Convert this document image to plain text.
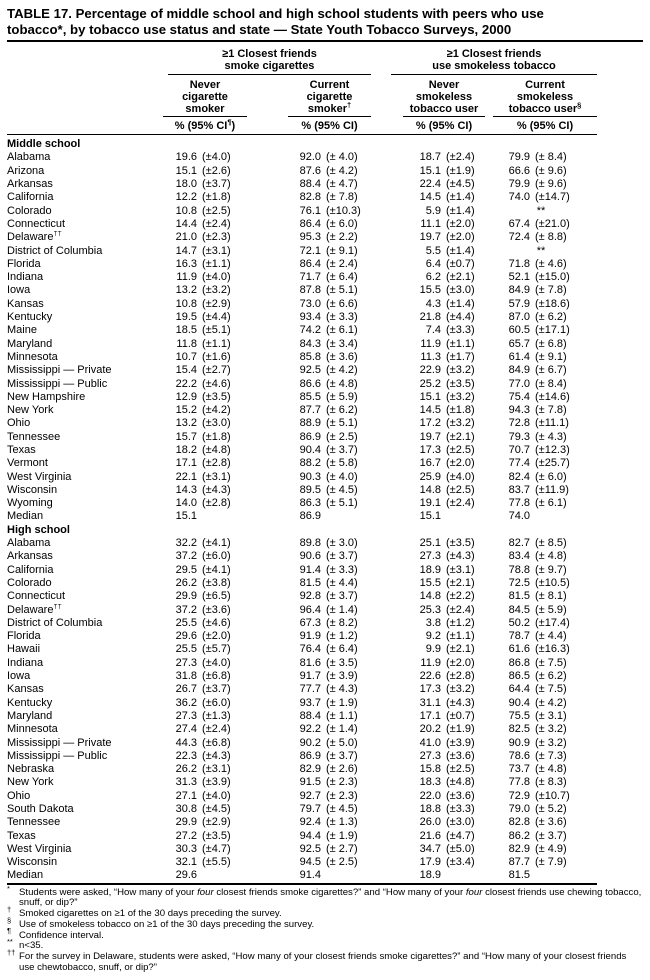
TABLE 17. Percentage of middle school and high school students with peers who use
tobacco*, by tobacco use status and state — State Youth Tobacco Surveys, 2000

≥1 Closest friends
smoke cigarettes

≥1 Closest friends
use smokeless tobacco

Never
cigarette
smoker

Current
cigarette
smoker†

Never
smokeless
tobacco user

Current
smokeless
tobacco user§

	% (95% CI¶)		% (95% CI)		% (95% CI)		% (95% CI)	

Middle school								
Alabama	19.6	(±4.0)	92.0	(± 4.0)	18.7	(±2.4)	79.9	(± 8.4)
Arizona	15.1	(±2.6)	87.6	(± 4.2)	15.1	(±1.9)	66.6	(± 9.6)
Arkansas	18.0	(±3.7)	88.4	(± 4.7)	22.4	(±4.5)	79.9	(± 9.6)
California	12.2	(±1.8)	82.8	(± 7.8)	14.5	(±1.4)	74.0	(±14.7)
Colorado	10.8	(±2.5)	76.1	(±10.3)	5.9	(±1.4)	**	
Connecticut	14.4	(±2.4)	86.4	(± 6.0)	11.1	(±2.0)	67.4	(±21.0)
Delaware††	21.0	(±2.3)	95.3	(± 2.2)	19.7	(±2.0)	72.4	(± 8.8)
District of Columbia	14.7	(±3.1)	72.1	(± 9.1)	5.5	(±1.4)	**	
Florida	16.3	(±1.1)	86.4	(± 2.4)	6.4	(±0.7)	71.8	(± 4.6)
Indiana	11.9	(±4.0)	71.7	(± 6.4)	6.2	(±2.1)	52.1	(±15.0)
Iowa	13.2	(±3.2)	87.8	(± 5.1)	15.5	(±3.0)	84.9	(± 7.8)
Kansas	10.8	(±2.9)	73.0	(± 6.6)	4.3	(±1.4)	57.9	(±18.6)
Kentucky	19.5	(±4.4)	93.4	(± 3.3)	21.8	(±4.4)	87.0	(± 6.2)
Maine	18.5	(±5.1)	74.2	(± 6.1)	7.4	(±3.3)	60.5	(±17.1)
Maryland	11.8	(±1.1)	84.3	(± 3.4)	11.9	(±1.1)	65.7	(± 6.8)
Minnesota	10.7	(±1.6)	85.8	(± 3.6)	11.3	(±1.7)	61.4	(± 9.1)
Mississippi — Private	15.4	(±2.7)	92.5	(± 4.2)	22.9	(±3.2)	84.9	(± 6.7)
Mississippi — Public	22.2	(±4.6)	86.6	(± 4.8)	25.2	(±3.5)	77.0	(± 8.4)
New Hampshire	12.9	(±3.5)	85.5	(± 5.9)	15.1	(±3.2)	75.4	(±14.6)
New York	15.2	(±4.2)	87.7	(± 6.2)	14.5	(±1.8)	94.3	(± 7.8)
Ohio	13.2	(±3.0)	88.9	(± 5.1)	17.2	(±3.2)	72.8	(±11.1)
Tennessee	15.7	(±1.8)	86.9	(± 2.5)	19.7	(±2.1)	79.3	(± 4.3)
Texas	18.2	(±4.8)	90.4	(± 3.7)	17.3	(±2.5)	70.7	(±12.3)
Vermont	17.1	(±2.8)	88.2	(± 5.8)	16.7	(±2.0)	77.4	(±25.7)
West Virginia	22.1	(±3.1)	90.3	(± 4.0)	25.9	(±4.0)	82.4	(± 6.0)
Wisconsin	14.3	(±4.3)	89.5	(± 4.5)	14.8	(±2.5)	83.7	(±11.9)
Wyoming	14.0	(±2.8)	86.3	(± 5.1)	19.1	(±2.4)	77.8	(± 6.1)
Median	15.1		86.9		15.1		74.0	
High school								
Alabama	32.2	(±4.1)	89.8	(± 3.0)	25.1	(±3.5)	82.7	(± 8.5)
Arkansas	37.2	(±6.0)	90.6	(± 3.7)	27.3	(±4.3)	83.4	(± 4.8)
California	29.5	(±4.1)	91.4	(± 3.3)	18.9	(±3.1)	78.8	(± 9.7)
Colorado	26.2	(±3.8)	81.5	(± 4.4)	15.5	(±2.1)	72.5	(±10.5)
Connecticut	29.9	(±6.5)	92.8	(± 3.7)	14.8	(±2.2)	81.5	(± 8.1)
Delaware††	37.2	(±3.6)	96.4	(± 1.4)	25.3	(±2.4)	84.5	(± 5.9)
District of Columbia	25.5	(±4.6)	67.3	(± 8.2)	3.8	(±1.2)	50.2	(±17.4)
Florida	29.6	(±2.0)	91.9	(± 1.2)	9.2	(±1.1)	78.7	(± 4.4)
Hawaii	25.5	(±5.7)	76.4	(± 6.4)	9.9	(±2.1)	61.6	(±16.3)
Indiana	27.3	(±4.0)	81.6	(± 3.5)	11.9	(±2.0)	86.8	(± 7.5)
Iowa	31.8	(±6.8)	91.7	(± 3.9)	22.6	(±2.8)	86.5	(± 6.2)
Kansas	26.7	(±3.7)	77.7	(± 4.3)	17.3	(±3.2)	64.4	(± 7.5)
Kentucky	36.2	(±6.0)	93.7	(± 1.9)	31.1	(±4.3)	90.4	(± 4.2)
Maryland	27.3	(±1.3)	88.4	(± 1.1)	17.1	(±0.7)	75.5	(± 3.1)
Minnesota	27.4	(±2.4)	92.2	(± 1.4)	20.2	(±1.9)	82.5	(± 3.2)
Mississippi — Private	44.3	(±6.8)	90.2	(± 5.0)	41.0	(±3.9)	90.9	(± 3.2)
Mississippi — Public	22.3	(±4.3)	86.9	(± 3.7)	27.3	(±3.6)	78.6	(± 7.3)
Nebraska	26.2	(±3.1)	82.9	(± 2.6)	15.8	(±2.5)	73.7	(± 4.8)
New York	31.3	(±3.9)	91.5	(± 2.3)	18.3	(±4.8)	77.8	(± 8.3)
Ohio	27.1	(±4.0)	92.7	(± 2.3)	22.0	(±3.6)	72.9	(±10.7)
South Dakota	30.8	(±4.5)	79.7	(± 4.5)	18.8	(±3.3)	79.0	(± 5.2)
Tennessee	29.9	(±2.9)	92.4	(± 1.3)	26.0	(±3.0)	82.8	(± 3.6)
Texas	27.2	(±3.5)	94.4	(± 1.9)	21.6	(±4.7)	86.2	(± 3.7)
West Virginia	30.3	(±4.7)	92.5	(± 2.7)	34.7	(±5.0)	82.9	(± 4.9)
Wisconsin	32.1	(±5.5)	94.5	(± 2.5)	17.9	(±3.4)	87.7	(± 7.9)
Median	29.6		91.4		18.9		81.5	
* Students were asked, “How many of your four closest friends smoke cigarettes?” and “How many of your four closest friends use chewing tobacco, snuff, or dip?”
† Smoked cigarettes on ≥1 of the 30 days preceding the survey.
§ Use of smokeless tobacco on ≥1 of the 30 days preceding the survey.
¶ Confidence interval.
** n<35.
†† For the survey in Delaware, students were asked, “How many of your closest friends smoke cigarettes?” and “How many of your closest friends use chewtobacco, snuff, or dip?”
